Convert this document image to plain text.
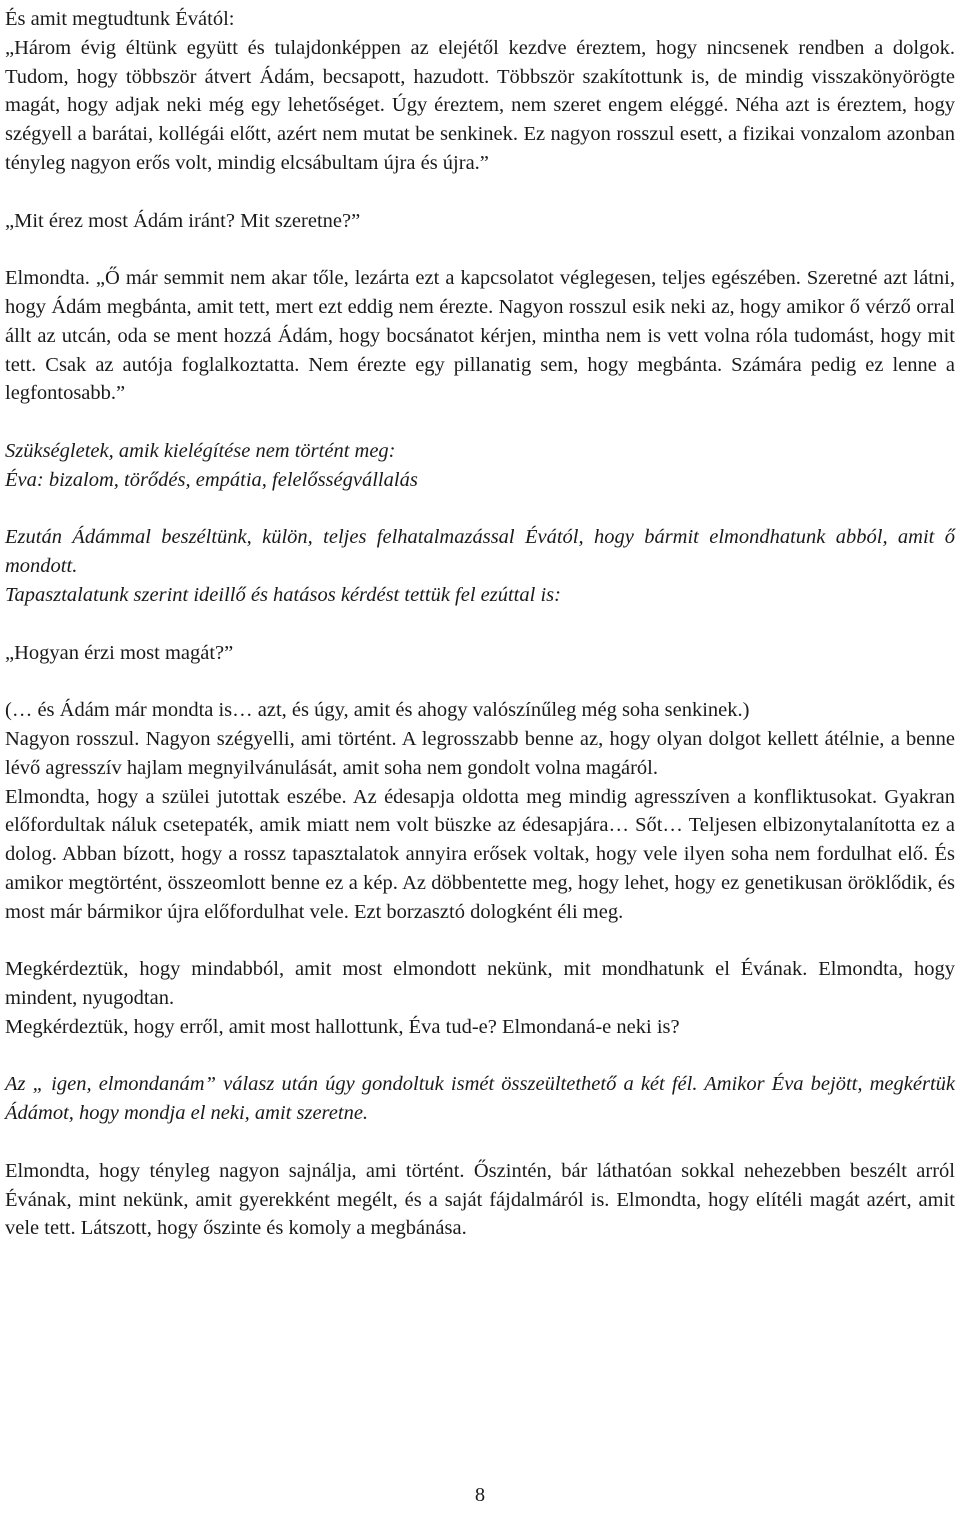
És amit megtudtunk Évától:

„Három évig éltünk együtt és tulajdonképpen az elejétől kezdve éreztem, hogy nincsenek rendben a dolgok. Tudom, hogy többször átvert Ádám, becsapott, hazudott. Többször szakítottunk is, de mindig visszakönyörögte magát, hogy adjak neki még egy lehetőséget. Úgy éreztem, nem szeret engem eléggé. Néha azt is éreztem, hogy szégyell a barátai, kollégái előtt, azért nem mutat be senkinek. Ez nagyon rosszul esett, a fizikai vonzalom azonban tényleg nagyon erős volt, mindig elcsábultam újra és újra.”

„Mit érez most Ádám iránt? Mit szeretne?”

Elmondta. „Ő már semmit nem akar tőle, lezárta ezt a kapcsolatot véglegesen, teljes egészében. Szeretné azt látni, hogy Ádám megbánta, amit tett, mert ezt eddig nem érezte. Nagyon rosszul esik neki az, hogy amikor ő vérző orral állt az utcán, oda se ment hozzá Ádám, hogy bocsánatot kérjen, mintha nem is vett volna róla tudomást, hogy mit tett. Csak az autója foglalkoztatta. Nem érezte egy pillanatig sem, hogy megbánta. Számára pedig ez lenne a legfontosabb.”

Szükségletek, amik kielégítése nem történt meg:

Éva: bizalom, törődés, empátia, felelősségvállalás

Ezután Ádámmal beszéltünk, külön, teljes felhatalmazással Évától, hogy bármit elmondhatunk abból, amit ő mondott.

Tapasztalatunk szerint ideillő és hatásos kérdést tettük fel ezúttal is:

„Hogyan érzi most magát?”

(… és Ádám már mondta is… azt, és úgy, amit és ahogy valószínűleg még soha senkinek.)

Nagyon rosszul. Nagyon szégyelli, ami történt. A legrosszabb benne az, hogy olyan dolgot kellett átélnie, a benne lévő agresszív hajlam megnyilvánulását, amit soha nem gondolt volna magáról.

Elmondta, hogy a szülei jutottak eszébe. Az édesapja oldotta meg mindig agresszíven a konfliktusokat. Gyakran előfordultak náluk csetepaték, amik miatt nem volt büszke az édesapjára… Sőt… Teljesen elbizonytalanította ez a dolog. Abban bízott, hogy a rossz tapasztalatok annyira erősek voltak, hogy vele ilyen soha nem fordulhat elő. És amikor megtörtént, összeomlott benne ez a kép. Az döbbentette meg, hogy lehet, hogy ez genetikusan öröklődik, és most már bármikor újra előfordulhat vele. Ezt borzasztó dologként éli meg.

Megkérdeztük, hogy mindabból, amit most elmondott nekünk, mit mondhatunk el Évának. Elmondta, hogy mindent, nyugodtan.

Megkérdeztük, hogy erről, amit most hallottunk, Éva tud-e? Elmondaná-e neki is?

Az „ igen, elmondanám” válasz után úgy gondoltuk ismét összeültethető a két fél. Amikor Éva bejött, megkértük Ádámot, hogy mondja el neki, amit szeretne.

Elmondta, hogy tényleg nagyon sajnálja, ami történt. Őszintén, bár láthatóan sokkal nehezebben beszélt arról Évának, mint nekünk, amit gyerekként megélt, és a saját fájdalmáról is. Elmondta, hogy elítéli magát azért, amit vele tett. Látszott, hogy őszinte és komoly a megbánása.

8
